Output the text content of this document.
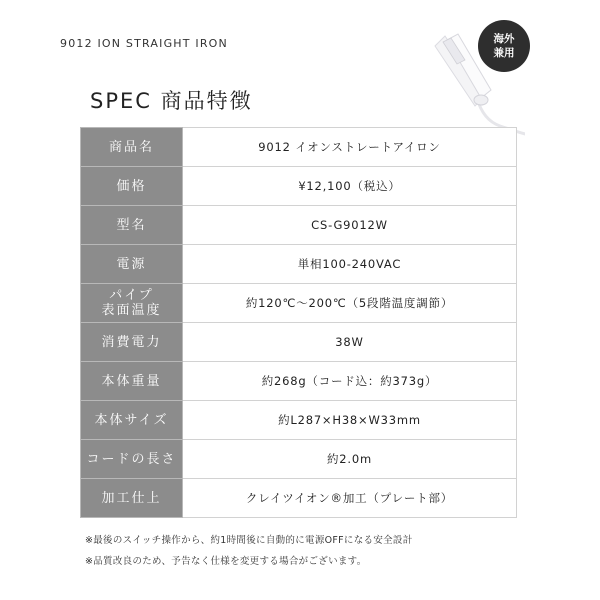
9012 ION STRAIGHT IRON
SPEC 商品特徴
海外
兼用
商品名	9012 イオンストレートアイロン
価格	¥12,100（税込）
型名	CS-G9012W
電源	単相100-240VAC
パイプ
表面温度	約120℃〜200℃（5段階温度調節）
消費電力	38W
本体重量	約268g（コード込：約373g）
本体サイズ	約L287×H38×W33mm
コードの長さ	約2.0m
加工仕上	クレイツイオン®加工（プレート部）
※最後のスイッチ操作から、約1時間後に自動的に電源OFFになる安全設計
※品質改良のため、予告なく仕様を変更する場合がございます。
